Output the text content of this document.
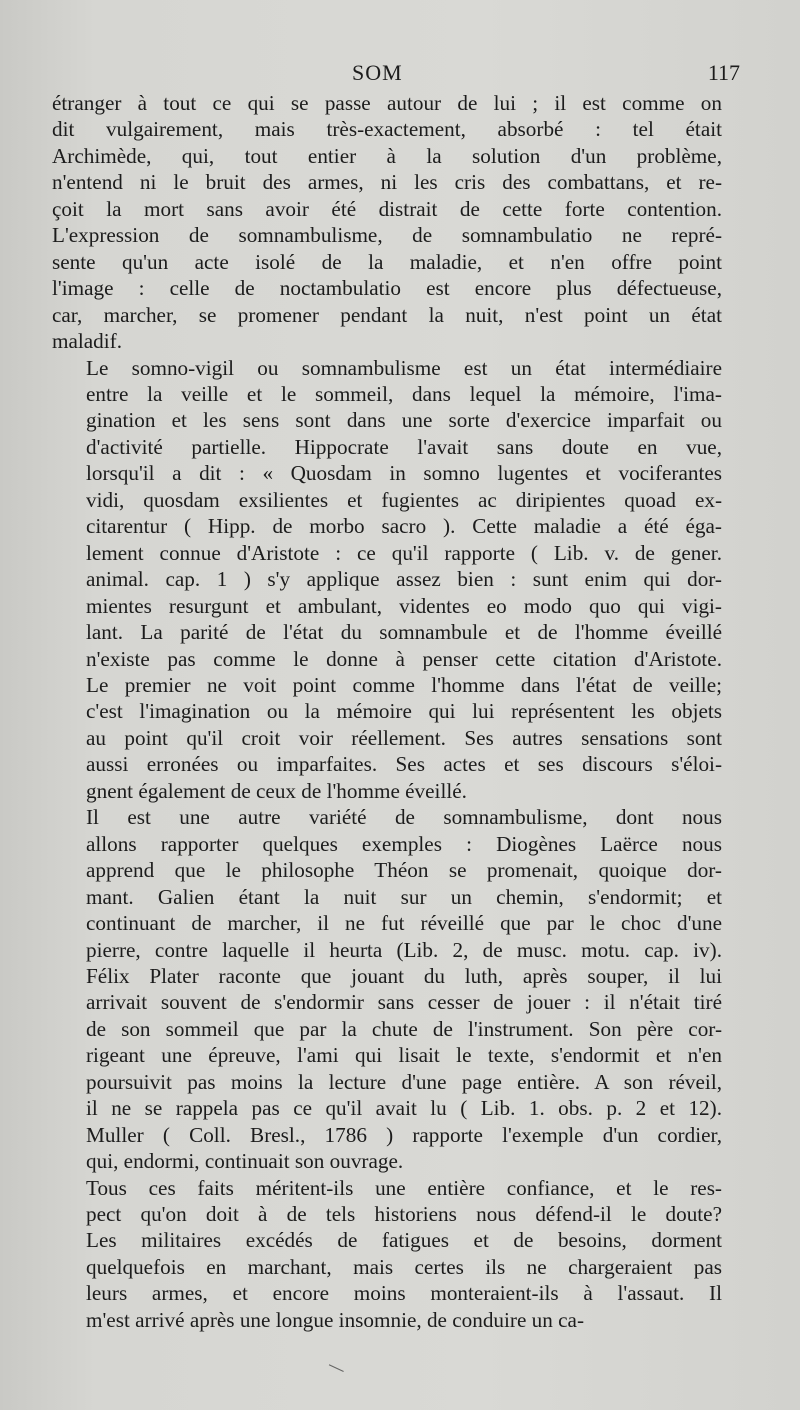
SOM	117
étranger à tout ce qui se passe autour de lui ; il est comme on
dit vulgairement, mais très-exactement, absorbé : tel était
Archimède, qui, tout entier à la solution d'un problème,
n'entend ni le bruit des armes, ni les cris des combattans, et re-
çoit la mort sans avoir été distrait de cette forte contention.
L'expression de somnambulisme, de somnambulatio ne repré-
sente qu'un acte isolé de la maladie, et n'en offre point
l'image : celle de noctambulatio est encore plus défectueuse,
car, marcher, se promener pendant la nuit, n'est point un état
maladif.
Le somno-vigil ou somnambulisme est un état intermédiaire
entre la veille et le sommeil, dans lequel la mémoire, l'ima-
gination et les sens sont dans une sorte d'exercice imparfait ou
d'activité partielle. Hippocrate l'avait sans doute en vue,
lorsqu'il a dit : « Quosdam in somno lugentes et vociferantes
vidi, quosdam exsilientes et fugientes ac diripientes quoad ex-
citarentur ( Hipp. de morbo sacro ). Cette maladie a été éga-
lement connue d'Aristote : ce qu'il rapporte ( Lib. v. de gener.
animal. cap. 1 ) s'y applique assez bien : sunt enim qui dor-
mientes resurgunt et ambulant, videntes eo modo quo qui vigi-
lant. La parité de l'état du somnambule et de l'homme éveillé
n'existe pas comme le donne à penser cette citation d'Aristote.
Le premier ne voit point comme l'homme dans l'état de veille;
c'est l'imagination ou la mémoire qui lui représentent les objets
au point qu'il croit voir réellement. Ses autres sensations sont
aussi erronées ou imparfaites. Ses actes et ses discours s'éloi-
gnent également de ceux de l'homme éveillé.
Il est une autre variété de somnambulisme, dont nous
allons rapporter quelques exemples : Diogènes Laërce nous
apprend que le philosophe Théon se promenait, quoique dor-
mant. Galien étant la nuit sur un chemin, s'endormit; et
continuant de marcher, il ne fut réveillé que par le choc d'une
pierre, contre laquelle il heurta (Lib. 2, de musc. motu. cap. iv).
Félix Plater raconte que jouant du luth, après souper, il lui
arrivait souvent de s'endormir sans cesser de jouer : il n'était tiré
de son sommeil que par la chute de l'instrument. Son père cor-
rigeant une épreuve, l'ami qui lisait le texte, s'endormit et n'en
poursuivit pas moins la lecture d'une page entière. A son réveil,
il ne se rappela pas ce qu'il avait lu ( Lib. 1. obs. p. 2 et 12).
Muller ( Coll. Bresl., 1786 ) rapporte l'exemple d'un cordier,
qui, endormi, continuait son ouvrage.
Tous ces faits méritent-ils une entière confiance, et le res-
pect qu'on doit à de tels historiens nous défend-il le doute?
Les militaires excédés de fatigues et de besoins, dorment
quelquefois en marchant, mais certes ils ne chargeraient pas
leurs armes, et encore moins monteraient-ils à l'assaut. Il
m'est arrivé après une longue insomnie, de conduire un ca-
